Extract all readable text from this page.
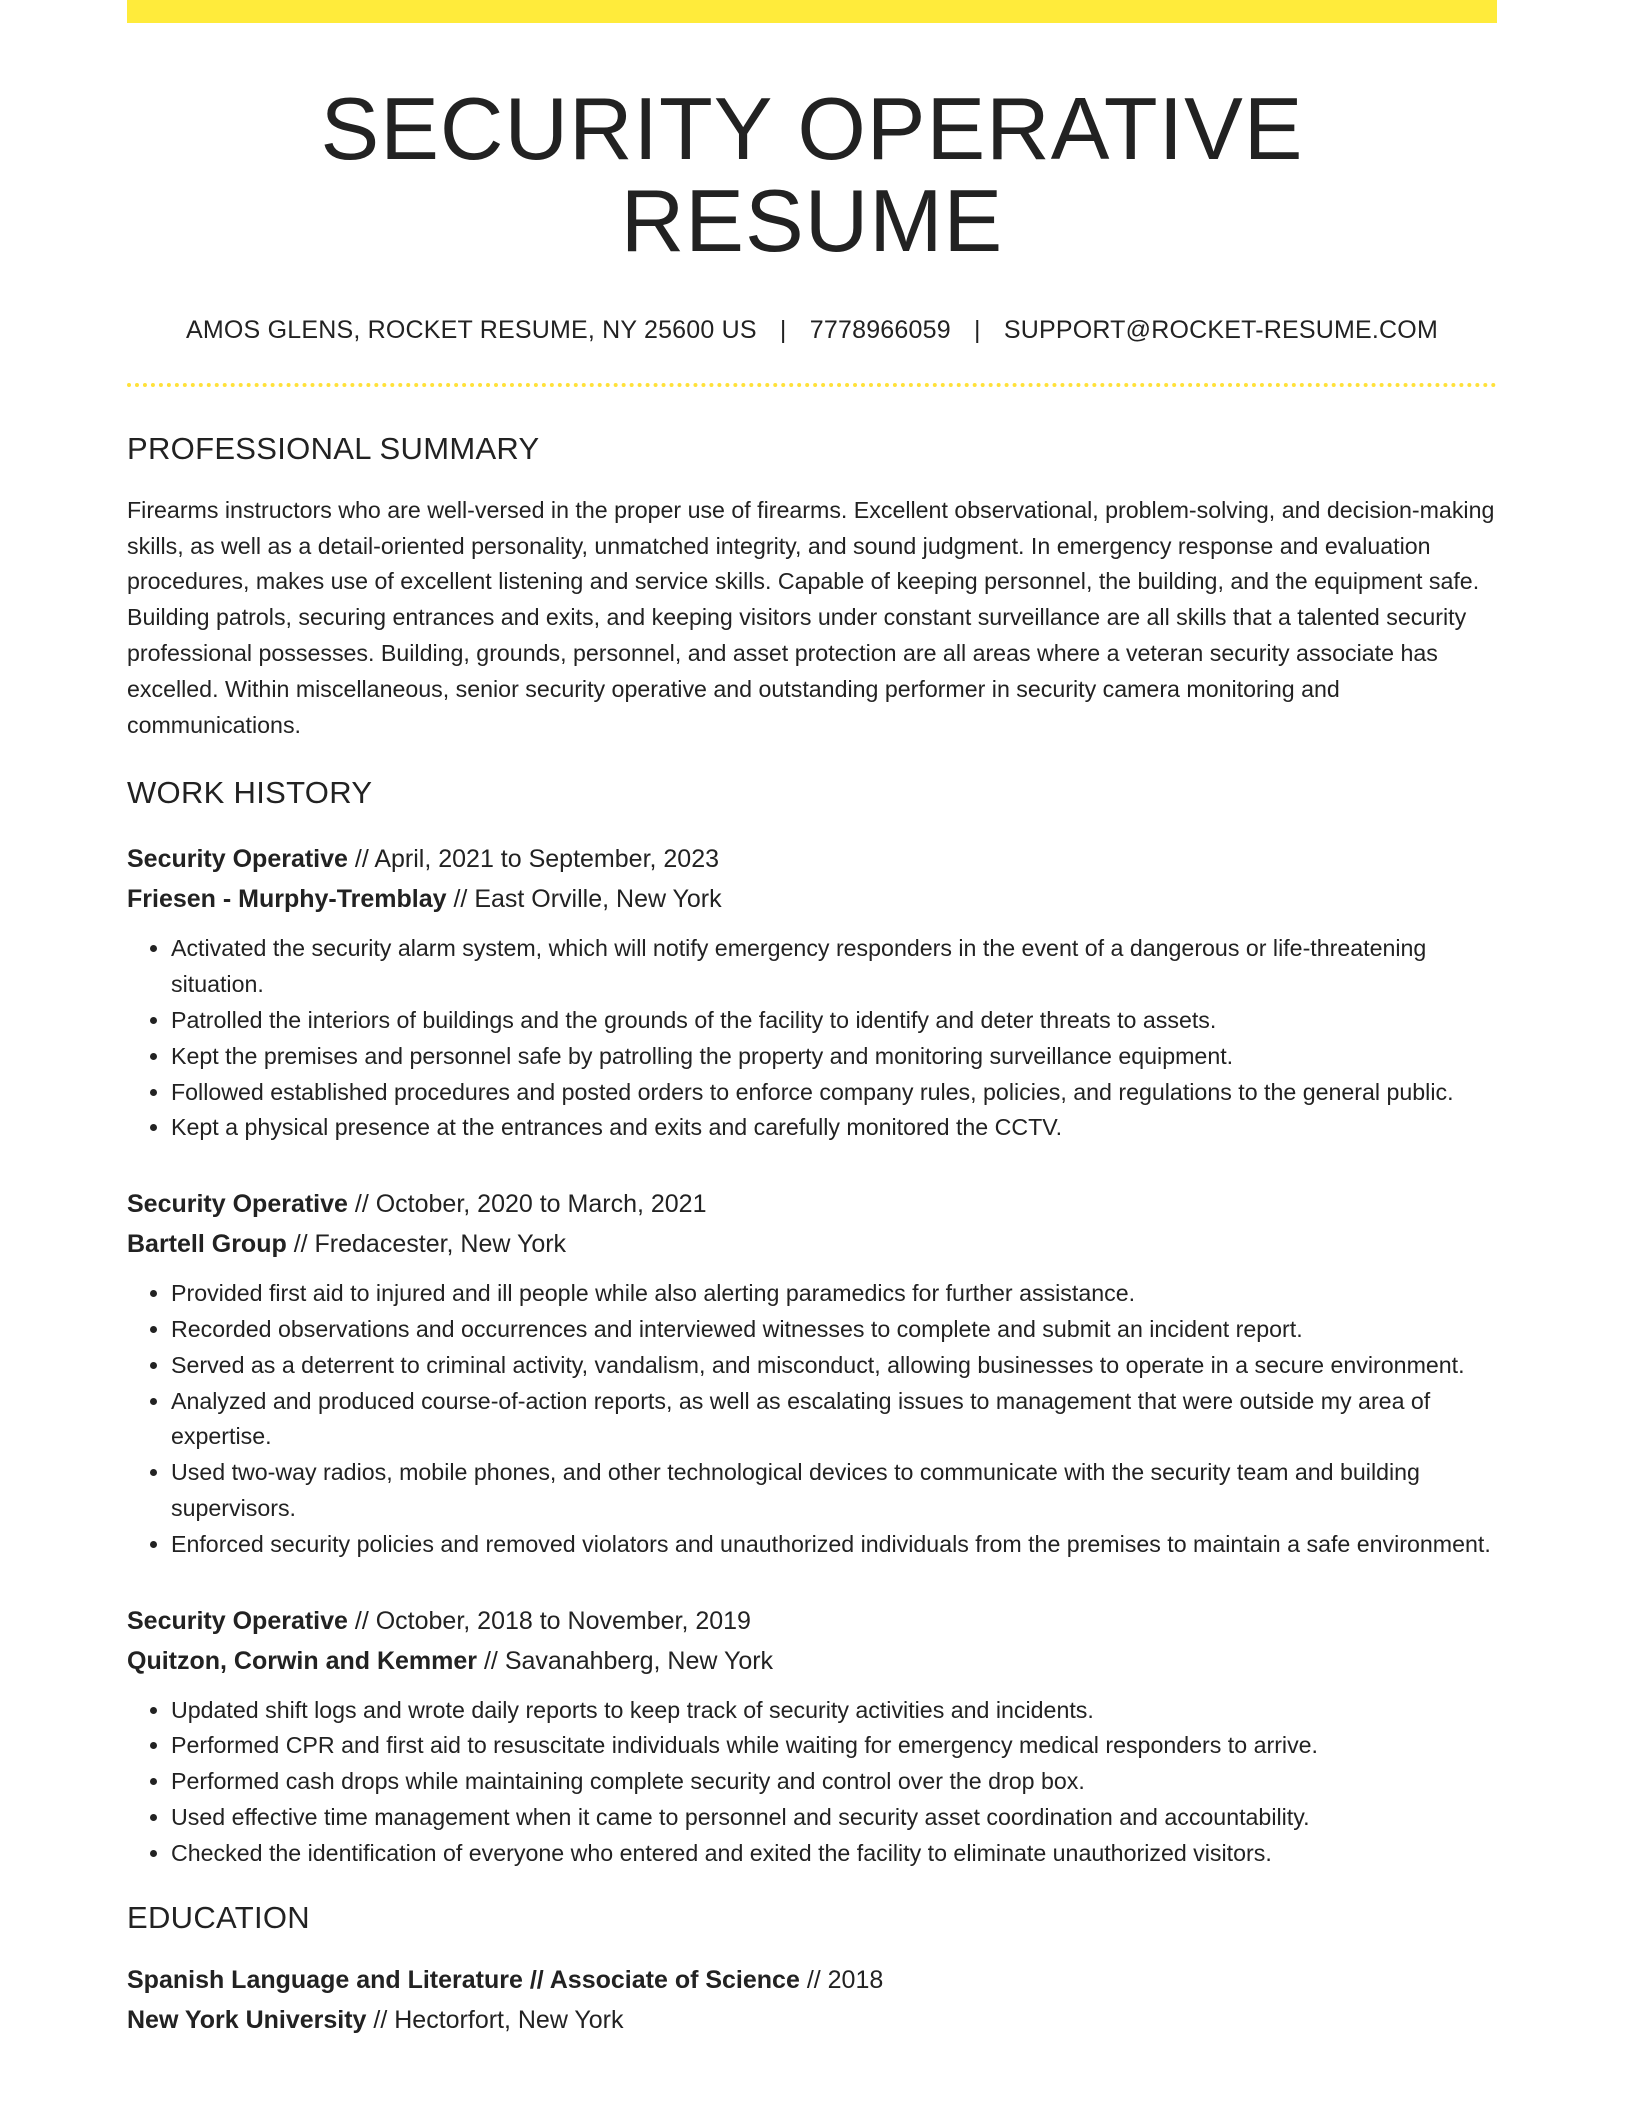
SECURITY OPERATIVE RESUME
AMOS GLENS, ROCKET RESUME, NY 25600 US | 7778966059 | SUPPORT@ROCKET-RESUME.COM
PROFESSIONAL SUMMARY

Firearms instructors who are well-versed in the proper use of firearms. Excellent observational, problem-solving, and decision-making skills, as well as a detail-oriented personality, unmatched integrity, and sound judgment. In emergency response and evaluation procedures, makes use of excellent listening and service skills. Capable of keeping personnel, the building, and the equipment safe. Building patrols, securing entrances and exits, and keeping visitors under constant surveillance are all skills that a talented security professional possesses. Building, grounds, personnel, and asset protection are all areas where a veteran security associate has excelled. Within miscellaneous, senior security operative and outstanding performer in security camera monitoring and communications.

WORK HISTORY
Security Operative // April, 2021 to September, 2023
Friesen - Murphy-Tremblay // East Orville, New York
• Activated the security alarm system, which will notify emergency responders in the event of a dangerous or life-threatening situation.
• Patrolled the interiors of buildings and the grounds of the facility to identify and deter threats to assets.
• Kept the premises and personnel safe by patrolling the property and monitoring surveillance equipment.
• Followed established procedures and posted orders to enforce company rules, policies, and regulations to the general public.
• Kept a physical presence at the entrances and exits and carefully monitored the CCTV.
Security Operative // October, 2020 to March, 2021
Bartell Group // Fredacester, New York
• Provided first aid to injured and ill people while also alerting paramedics for further assistance.
• Recorded observations and occurrences and interviewed witnesses to complete and submit an incident report.
• Served as a deterrent to criminal activity, vandalism, and misconduct, allowing businesses to operate in a secure environment.
• Analyzed and produced course-of-action reports, as well as escalating issues to management that were outside my area of expertise.
• Used two-way radios, mobile phones, and other technological devices to communicate with the security team and building supervisors.
• Enforced security policies and removed violators and unauthorized individuals from the premises to maintain a safe environment.
Security Operative // October, 2018 to November, 2019
Quitzon, Corwin and Kemmer // Savanahberg, New York
• Updated shift logs and wrote daily reports to keep track of security activities and incidents.
• Performed CPR and first aid to resuscitate individuals while waiting for emergency medical responders to arrive.
• Performed cash drops while maintaining complete security and control over the drop box.
• Used effective time management when it came to personnel and security asset coordination and accountability.
• Checked the identification of everyone who entered and exited the facility to eliminate unauthorized visitors.
EDUCATION
Spanish Language and Literature // Associate of Science // 2018
New York University // Hectorfort, New York
